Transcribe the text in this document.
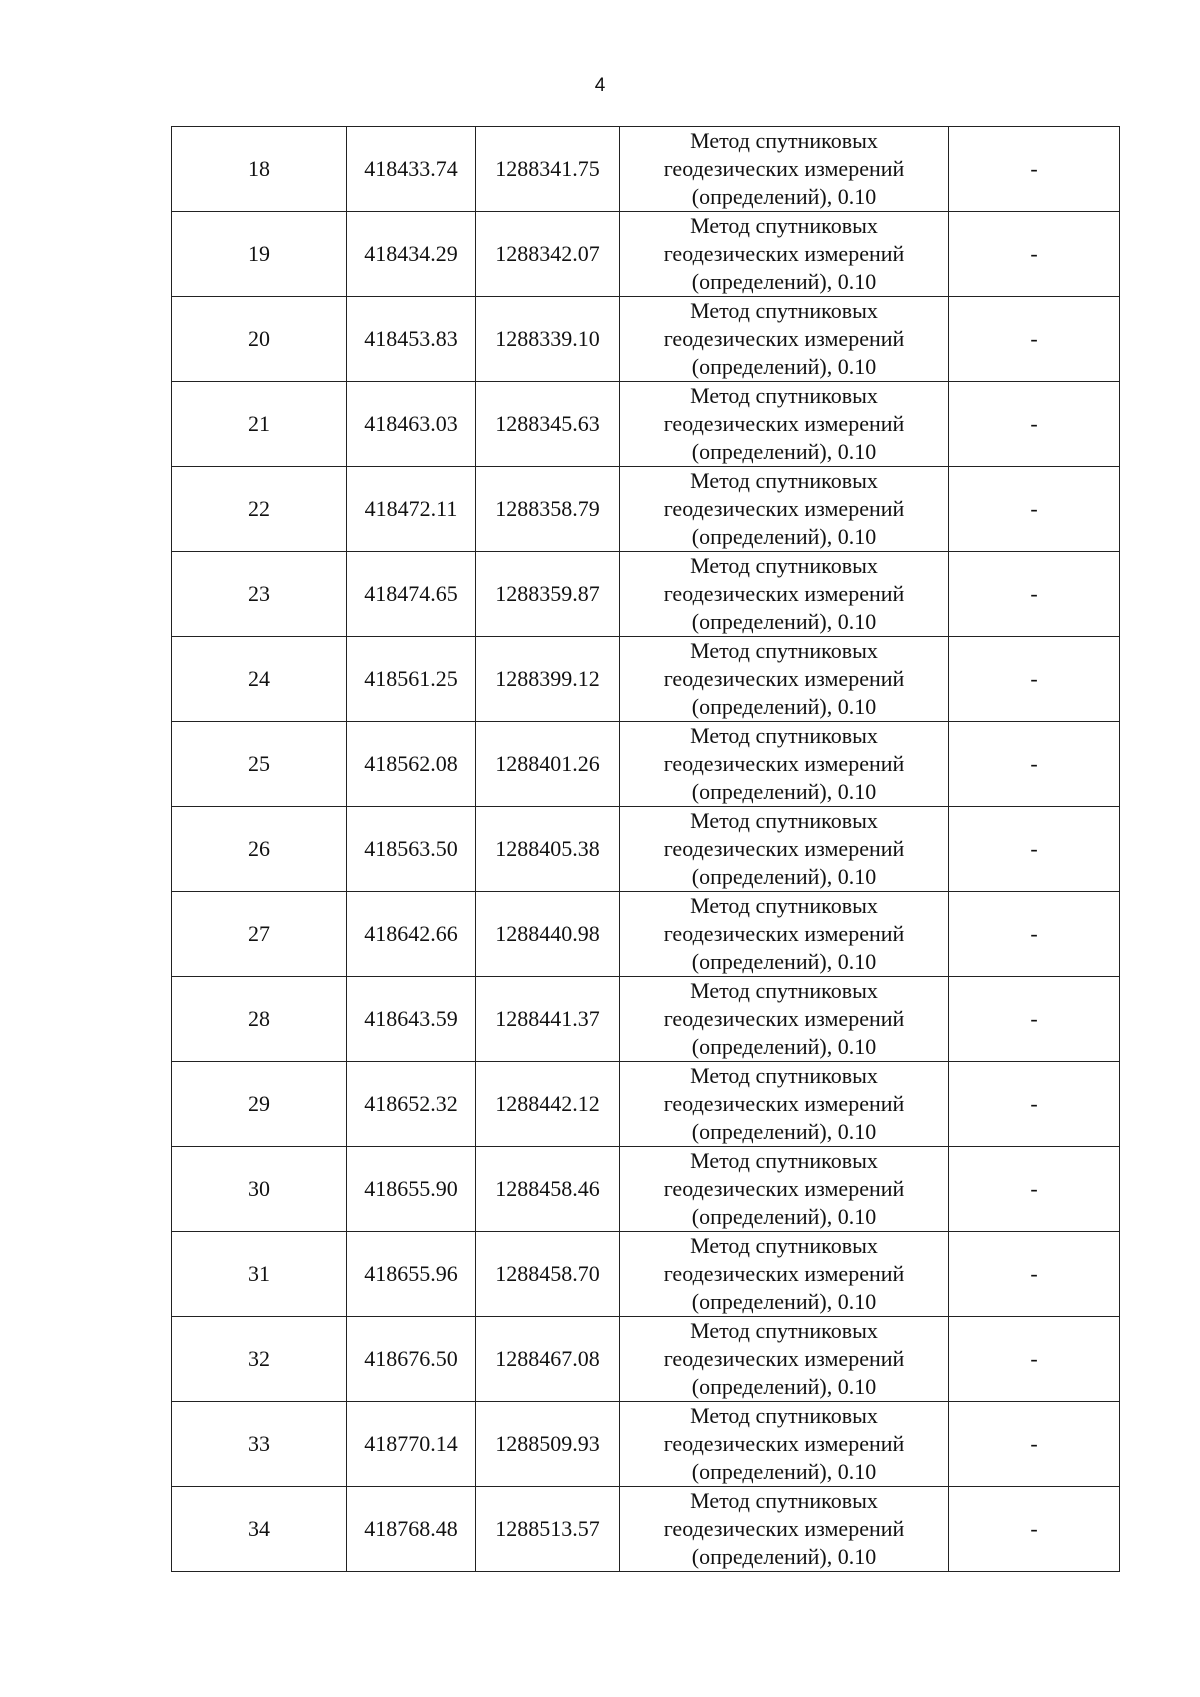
4
18	418433.74	1288341.75	Метод спутниковых
геодезических измерений
(определений), 0.10	-
19	418434.29	1288342.07	Метод спутниковых
геодезических измерений
(определений), 0.10	-
20	418453.83	1288339.10	Метод спутниковых
геодезических измерений
(определений), 0.10	-
21	418463.03	1288345.63	Метод спутниковых
геодезических измерений
(определений), 0.10	-
22	418472.11	1288358.79	Метод спутниковых
геодезических измерений
(определений), 0.10	-
23	418474.65	1288359.87	Метод спутниковых
геодезических измерений
(определений), 0.10	-
24	418561.25	1288399.12	Метод спутниковых
геодезических измерений
(определений), 0.10	-
25	418562.08	1288401.26	Метод спутниковых
геодезических измерений
(определений), 0.10	-
26	418563.50	1288405.38	Метод спутниковых
геодезических измерений
(определений), 0.10	-
27	418642.66	1288440.98	Метод спутниковых
геодезических измерений
(определений), 0.10	-
28	418643.59	1288441.37	Метод спутниковых
геодезических измерений
(определений), 0.10	-
29	418652.32	1288442.12	Метод спутниковых
геодезических измерений
(определений), 0.10	-
30	418655.90	1288458.46	Метод спутниковых
геодезических измерений
(определений), 0.10	-
31	418655.96	1288458.70	Метод спутниковых
геодезических измерений
(определений), 0.10	-
32	418676.50	1288467.08	Метод спутниковых
геодезических измерений
(определений), 0.10	-
33	418770.14	1288509.93	Метод спутниковых
геодезических измерений
(определений), 0.10	-
34	418768.48	1288513.57	Метод спутниковых
геодезических измерений
(определений), 0.10	-
